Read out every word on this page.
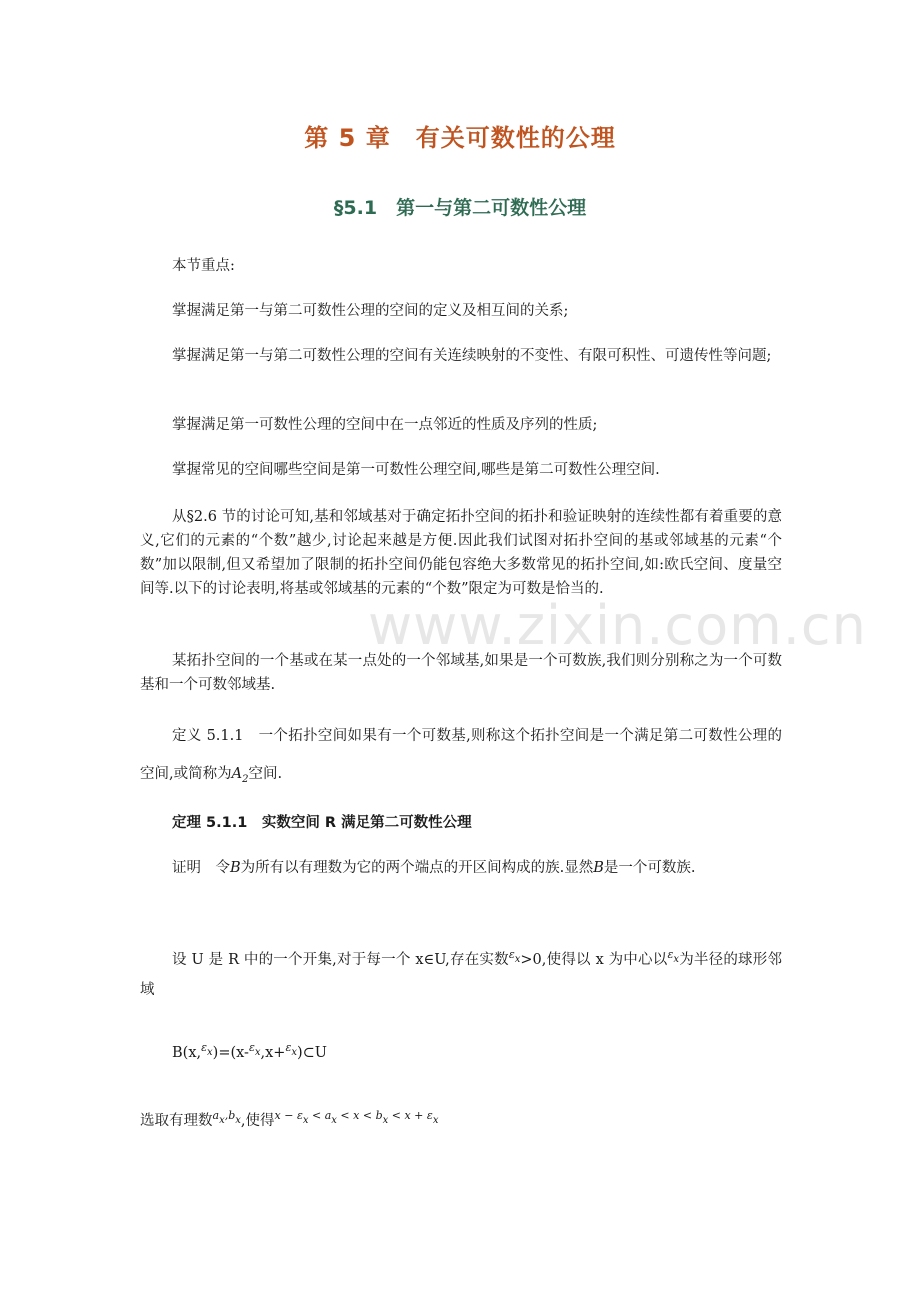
第 5 章　有关可数性的公理
§5.1　第一与第二可数性公理
本节重点:
掌握满足第一与第二可数性公理的空间的定义及相互间的关系;
掌握满足第一与第二可数性公理的空间有关连续映射的不变性、有限可积性、可遗传性等问题;
掌握满足第一可数性公理的空间中在一点邻近的性质及序列的性质;
掌握常见的空间哪些空间是第一可数性公理空间,哪些是第二可数性公理空间.
从§2.6 节的讨论可知,基和邻域基对于确定拓扑空间的拓扑和验证映射的连续性都有着重要的意义,它们的元素的“个数”越少,讨论起来越是方便.因此我们试图对拓扑空间的基或邻域基的元素“个数”加以限制,但又希望加了限制的拓扑空间仍能包容绝大多数常见的拓扑空间,如:欧氏空间、度量空间等.以下的讨论表明,将基或邻域基的元素的“个数”限定为可数是恰当的.
www.zixin.com.cn
某拓扑空间的一个基或在某一点处的一个邻域基,如果是一个可数族,我们则分别称之为一个可数基和一个可数邻域基.
定义 5.1.1　一个拓扑空间如果有一个可数基,则称这个拓扑空间是一个满足第二可数性公理的空间,或简称为$A_2$空间.
定理 5.1.1　实数空间 R 满足第二可数性公理
证明　令B为所有以有理数为它的两个端点的开区间构成的族.显然B是一个可数族.
设 U 是 R 中的一个开集,对于每一个 x∈U,存在实数$^{\varepsilon x}$>0,使得以 x 为中心以$^{\varepsilon x}$为半径的球形邻域
B(x,$^{\varepsilon x}$)=(x-$^{\varepsilon x}$,x+$^{\varepsilon x}$)⊂U
选取有理数$^{ax,bx}$,使得$^{x - \varepsilon x < ax < x < bx < x + \varepsilon x}$
